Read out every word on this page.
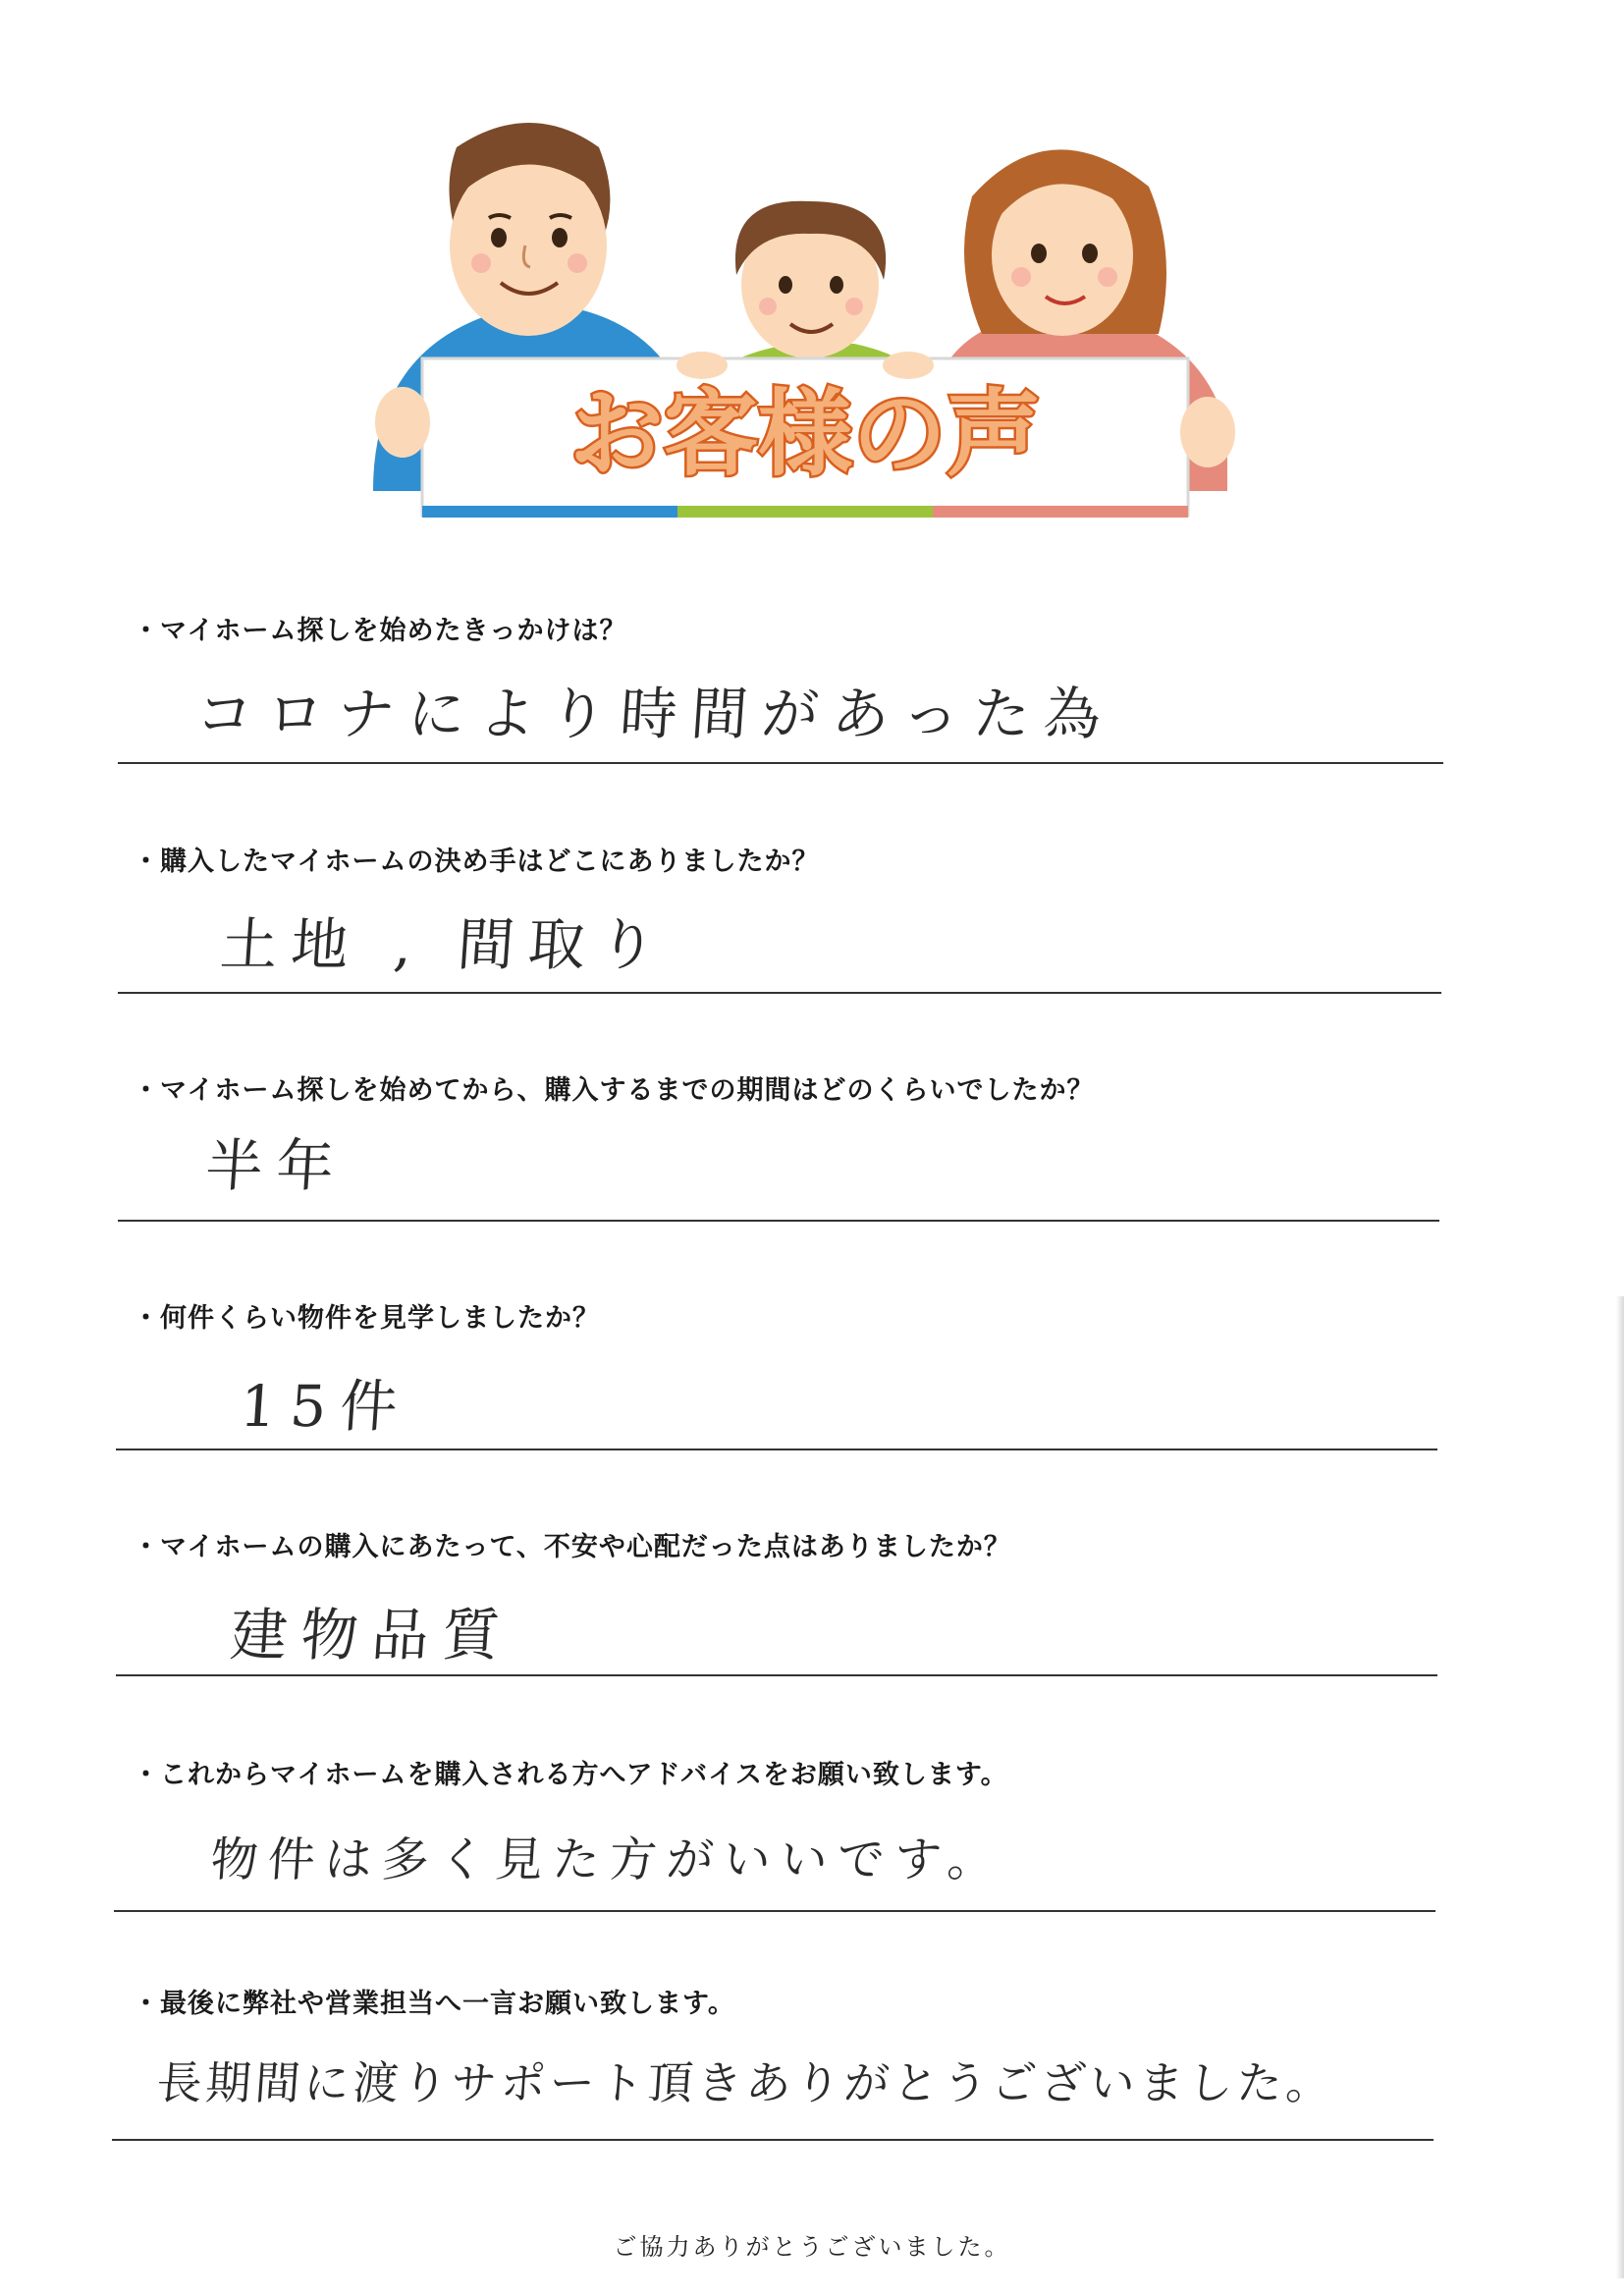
お客様の声
・マイホーム探しを始めたきっかけは？
コロナにより時間があった為
・購入したマイホームの決め手はどこにありましたか？
土地 , 間取り
・マイホーム探しを始めてから、購入するまでの期間はどのくらいでしたか？
半年
・何件くらい物件を見学しましたか？
15件
・マイホームの購入にあたって、不安や心配だった点はありましたか？
建物品質
・これからマイホームを購入される方へアドバイスをお願い致します。
物件は多く見た方がいいです。
・最後に弊社や営業担当へ一言お願い致します。
長期間に渡りサポート頂きありがとうございました。
ご協力ありがとうございました。
